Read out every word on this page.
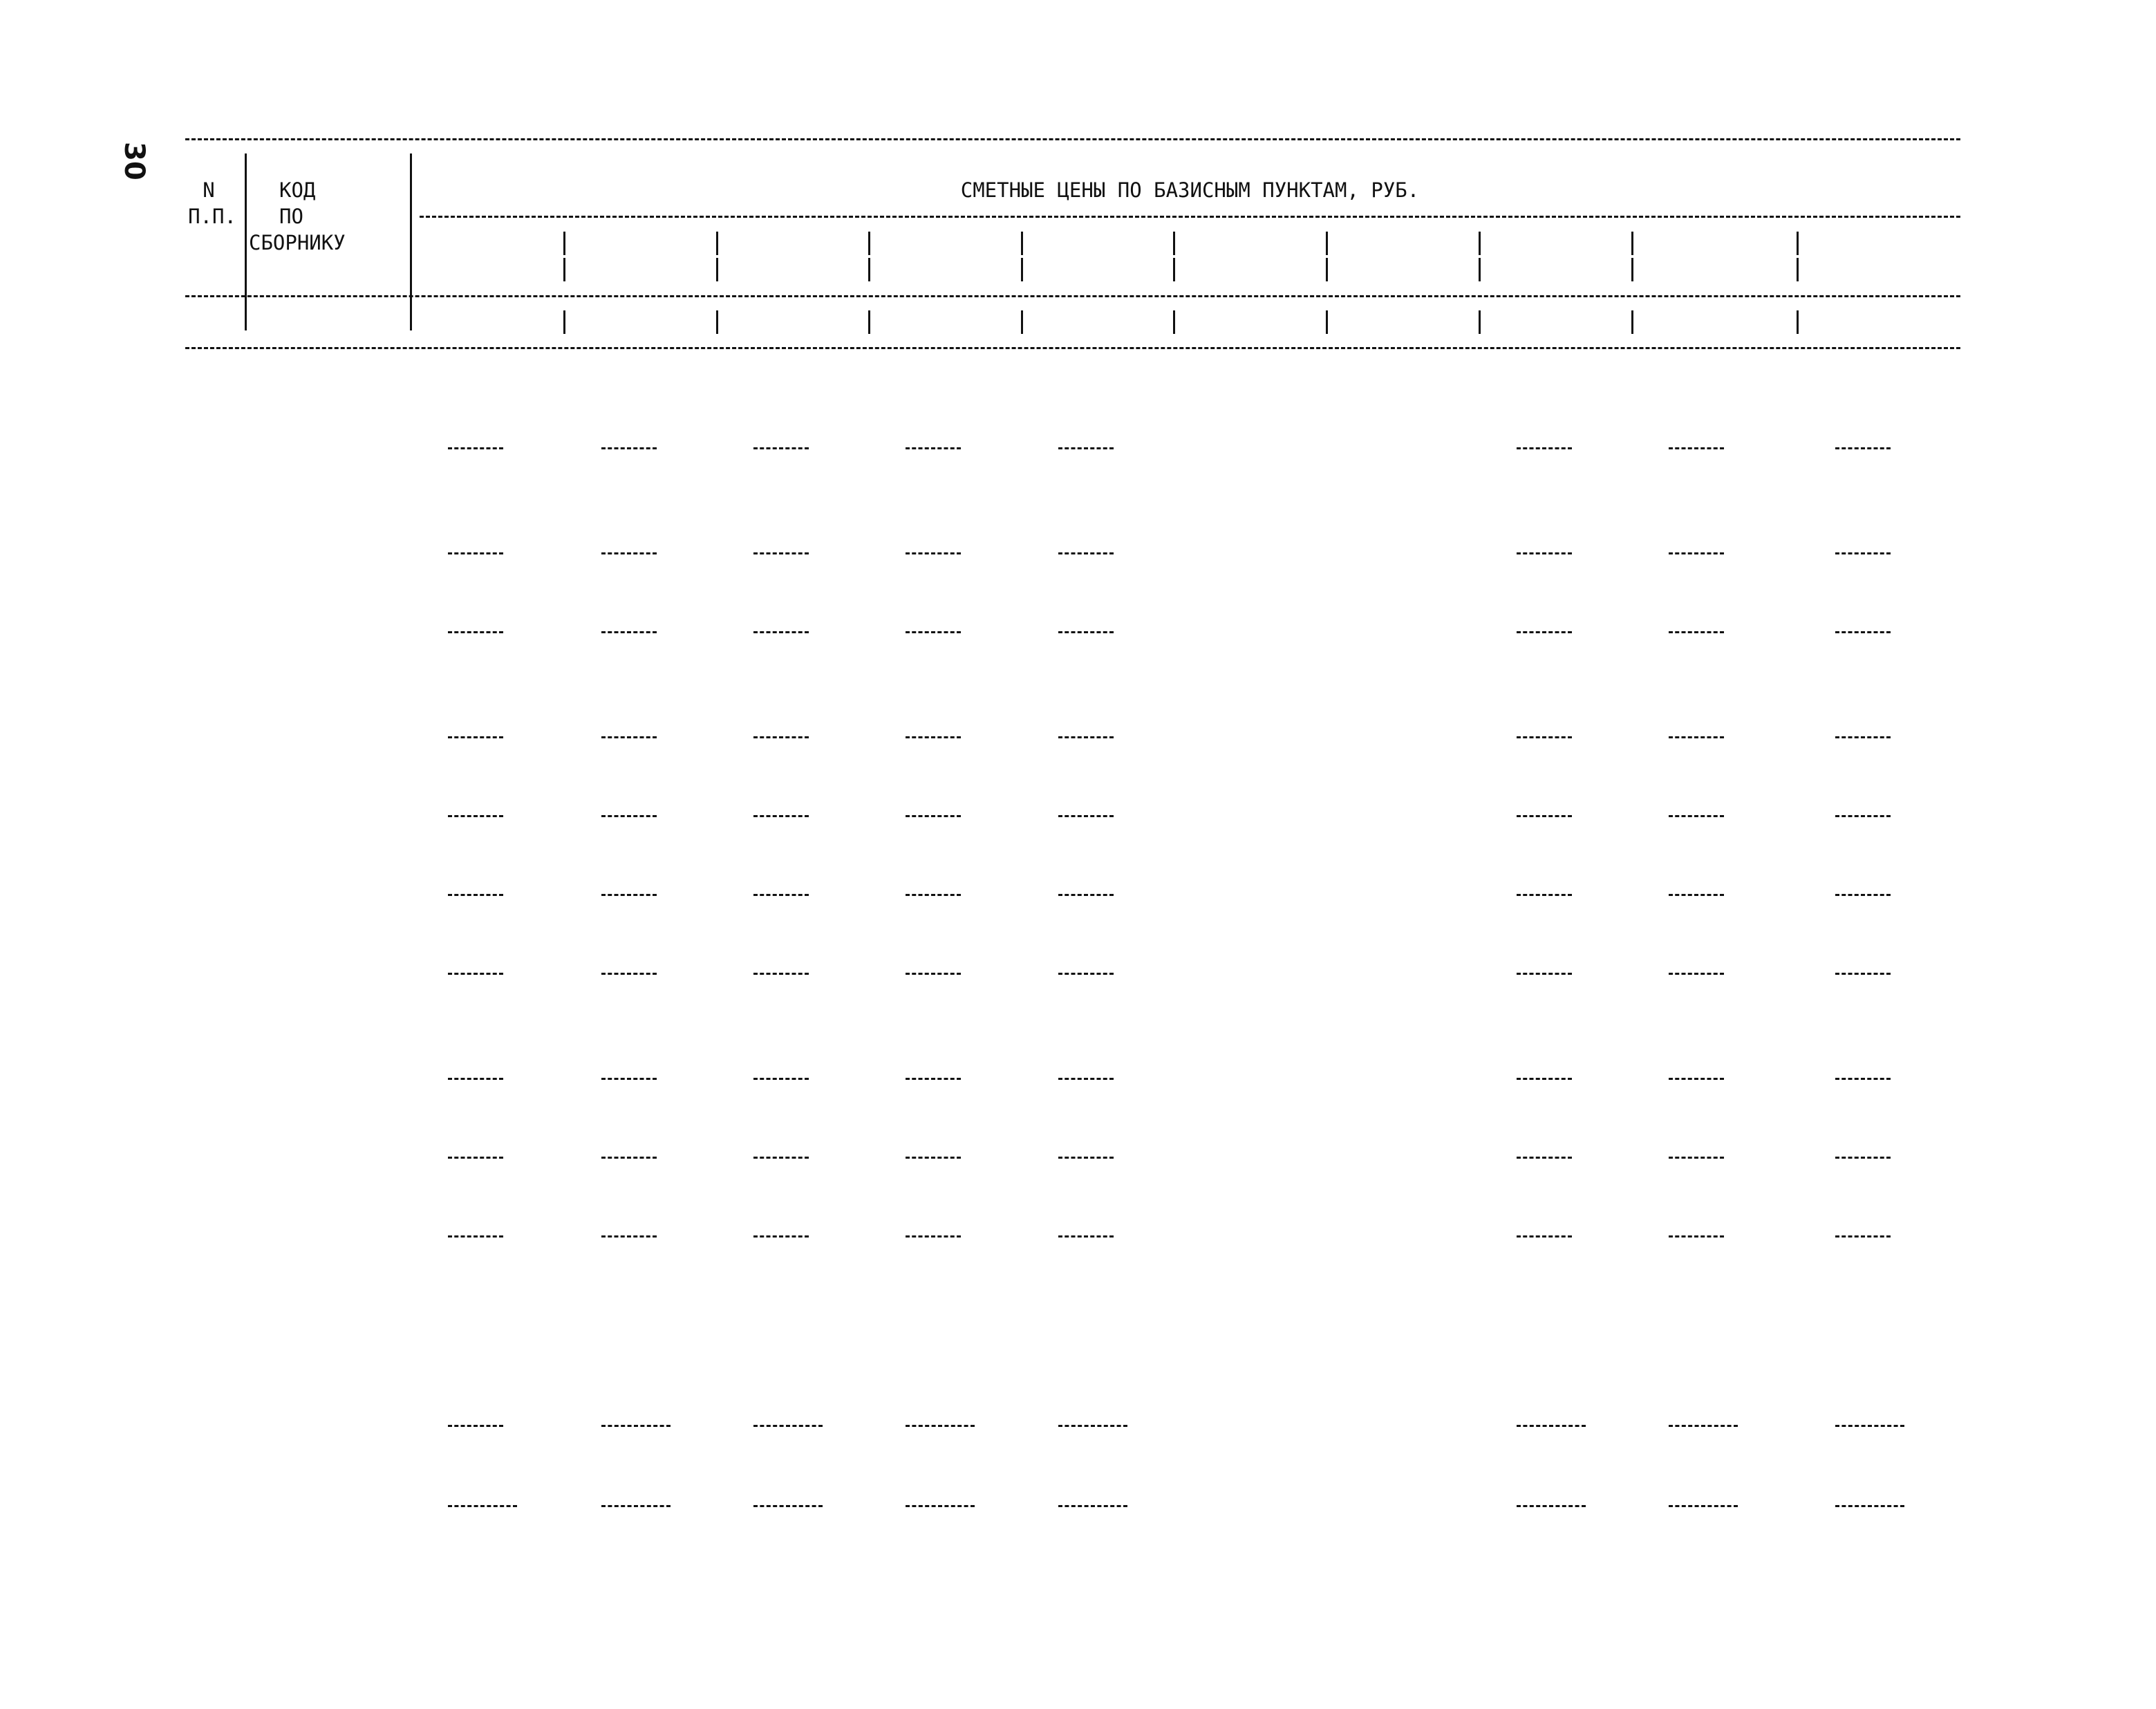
30
N
П.П.
КОД
ПО
СБОРНИКУ
СМЕТНЫЕ ЦЕНЫ ПО БАЗИСНЫМ ПУНКТАМ, РУБ.
